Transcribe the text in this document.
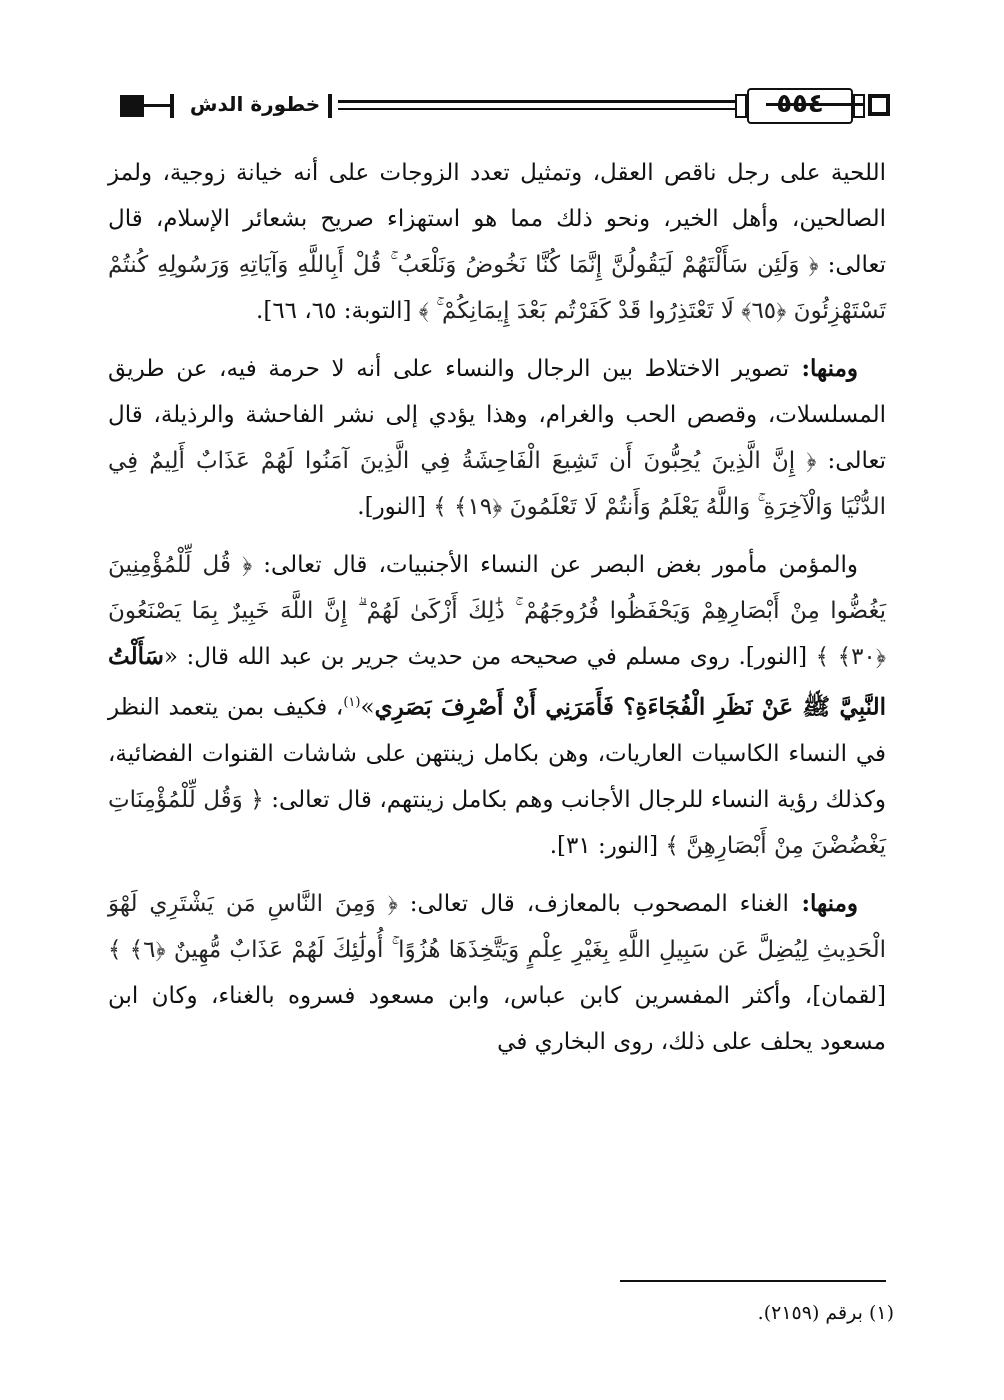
٥٥٤
خطورة الدش

اللحية على رجل ناقص العقل، وتمثيل تعدد الزوجات على أنه خيانة زوجية، ولمز الصالحين، وأهل الخير، ونحو ذلك مما هو استهزاء صريح بشعائر الإسلام، قال تعالى: ﴿ وَلَئِن سَأَلْتَهُمْ لَيَقُولُنَّ إِنَّمَا كُنَّا نَخُوضُ وَنَلْعَبُ ۚ قُلْ أَبِاللَّهِ وَآيَاتِهِ وَرَسُولِهِ كُنتُمْ تَسْتَهْزِئُونَ ﴿٦٥﴾ لَا تَعْتَذِرُوا قَدْ كَفَرْتُم بَعْدَ إِيمَانِكُمْ ۚ ﴾ [التوبة: ٦٥، ٦٦].

ومنها: تصوير الاختلاط بين الرجال والنساء على أنه لا حرمة فيه، عن طريق المسلسلات، وقصص الحب والغرام، وهذا يؤدي إلى نشر الفاحشة والرذيلة، قال تعالى: ﴿ إِنَّ الَّذِينَ يُحِبُّونَ أَن تَشِيعَ الْفَاحِشَةُ فِي الَّذِينَ آمَنُوا لَهُمْ عَذَابٌ أَلِيمٌ فِي الدُّنْيَا وَالْآخِرَةِ ۚ وَاللَّهُ يَعْلَمُ وَأَنتُمْ لَا تَعْلَمُونَ ﴿١٩﴾ ﴾ [النور].

والمؤمن مأمور بغض البصر عن النساء الأجنبيات، قال تعالى: ﴿ قُل لِّلْمُؤْمِنِينَ يَغُضُّوا مِنْ أَبْصَارِهِمْ وَيَحْفَظُوا فُرُوجَهُمْ ۚ ذَٰلِكَ أَزْكَىٰ لَهُمْ ۗ إِنَّ اللَّهَ خَبِيرٌ بِمَا يَصْنَعُونَ ﴿٣٠﴾ ﴾ [النور]. روى مسلم في صحيحه من حديث جرير بن عبد الله قال: «سَأَلْتُ النَّبِيَّ ﷺ عَنْ نَظَرِ الْفُجَاءَةِ؟ فَأَمَرَنِي أَنْ أَصْرِفَ بَصَرِي»$^{(١)}$، فكيف بمن يتعمد النظر في النساء الكاسيات العاريات، وهن بكامل زينتهن على شاشات القنوات الفضائية، وكذلك رؤية النساء للرجال الأجانب وهم بكامل زينتهم، قال تعالى: ﴿ وَقُل لِّلْمُؤْمِنَاتِ يَغْضُضْنَ مِنْ أَبْصَارِهِنَّ ﴾ [النور: ٣١].

ومنها: الغناء المصحوب بالمعازف، قال تعالى: ﴿ وَمِنَ النَّاسِ مَن يَشْتَرِي لَهْوَ الْحَدِيثِ لِيُضِلَّ عَن سَبِيلِ اللَّهِ بِغَيْرِ عِلْمٍ وَيَتَّخِذَهَا هُزُوًا ۚ أُولَٰئِكَ لَهُمْ عَذَابٌ مُّهِينٌ ﴿٦﴾ ﴾ [لقمان]، وأكثر المفسرين كابن عباس، وابن مسعود فسروه بالغناء، وكان ابن مسعود يحلف على ذلك، روى البخاري في

(١) برقم (٢١٥٩).
